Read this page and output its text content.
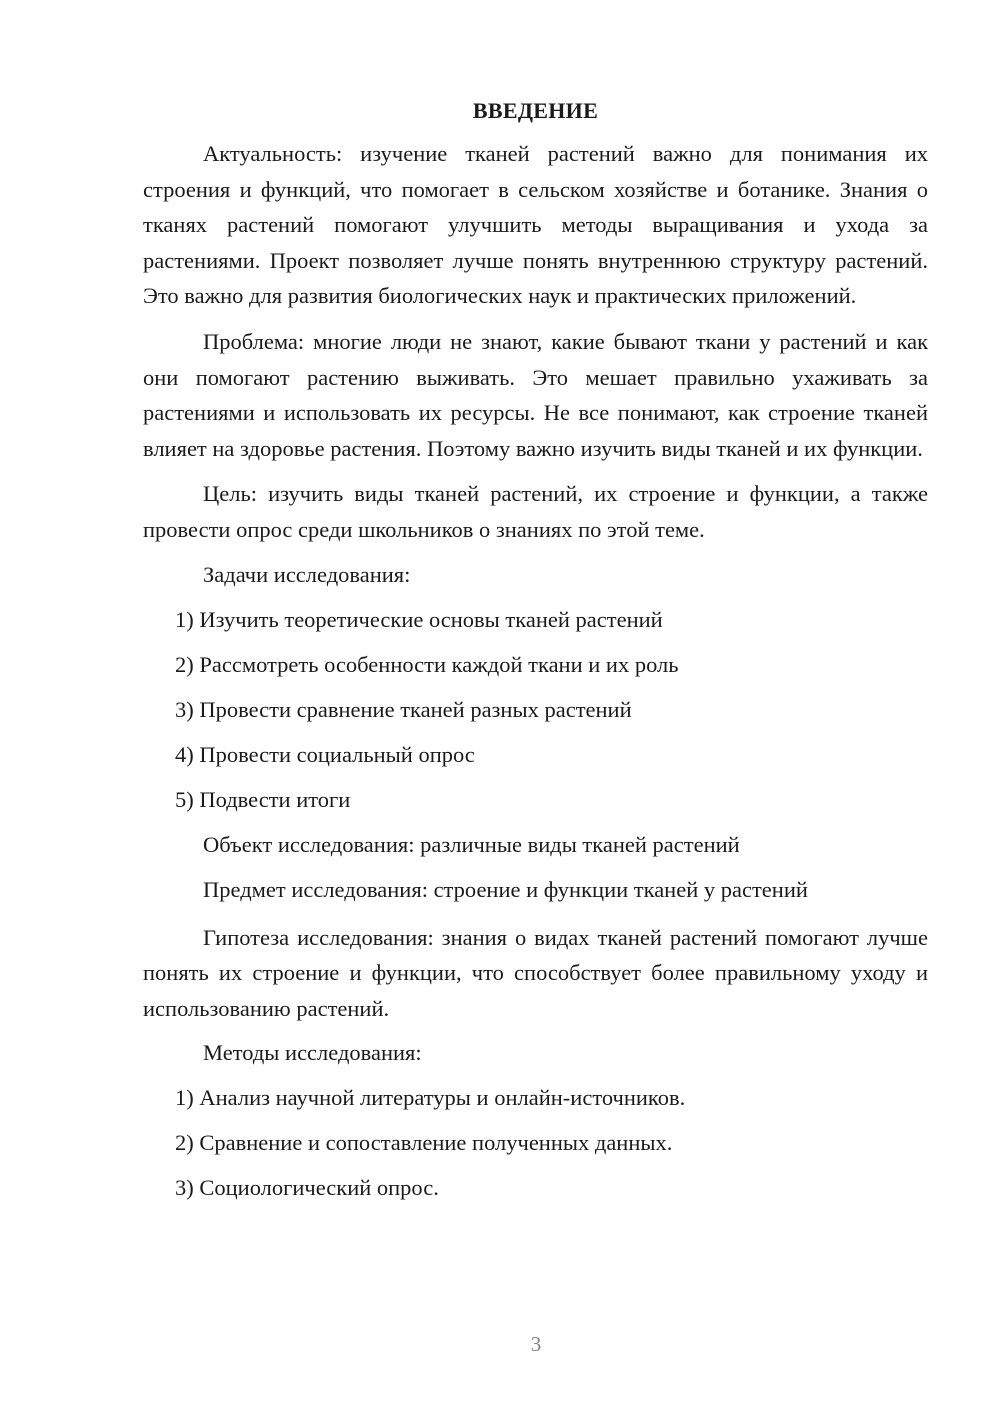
ВВЕДЕНИЕ

Актуальность: изучение тканей растений важно для понимания их строения и функций, что помогает в сельском хозяйстве и ботанике. Знания о тканях растений помогают улучшить методы выращивания и ухода за растениями. Проект позволяет лучше понять внутреннюю структуру растений. Это важно для развития биологических наук и практических приложений.

Проблема: многие люди не знают, какие бывают ткани у растений и как они помогают растению выживать. Это мешает правильно ухаживать за растениями и использовать их ресурсы. Не все понимают, как строение тканей влияет на здоровье растения. Поэтому важно изучить виды тканей и их функции.

Цель: изучить виды тканей растений, их строение и функции, а также провести опрос среди школьников о знаниях по этой теме.

Задачи исследования:
1) Изучить теоретические основы тканей растений
2) Рассмотреть особенности каждой ткани и их роль
3) Провести сравнение тканей разных растений
4) Провести социальный опрос
5) Подвести итоги
Объект исследования: различные виды тканей растений
Предмет исследования: строение и функции тканей у растений

Гипотеза исследования: знания о видах тканей растений помогают лучше понять их строение и функции, что способствует более правильному уходу и использованию растений.

Методы исследования:
1) Анализ научной литературы и онлайн-источников.
2) Сравнение и сопоставление полученных данных.
3) Социологический опрос.
3
